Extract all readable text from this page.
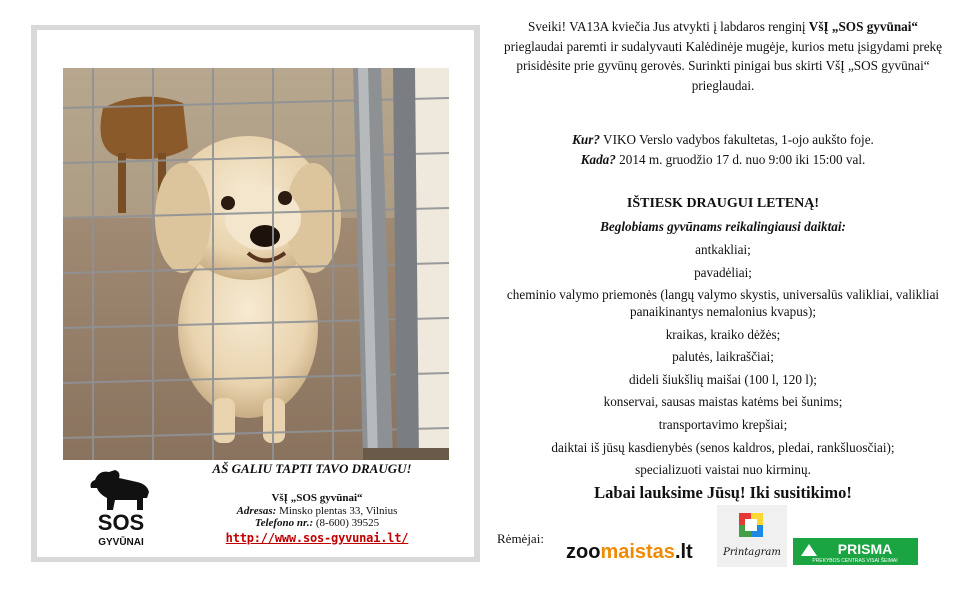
AŠ GALIU TAPTI TAVO DRAUGU!
SOS
GYVŪNAI
VšĮ „SOS gyvūnai“
Adresas: Minsko plentas 33, Vilnius
Telefono nr.: (8-600) 39525
http://www.sos-gyvunai.lt/

Sveiki! VA13A kviečia Jus atvykti į labdaros renginį VšĮ „SOS gyvūnai“ prieglaudai paremti ir sudalyvauti Kalėdinėje mugėje, kurios metu įsigydami prekę prisidėsite prie gyvūnų gerovės. Surinkti pinigai bus skirti VšĮ „SOS gyvūnai“ prieglaudai.

Kur? VIKO Verslo vadybos fakultetas, 1-ojo aukšto foje.
Kada? 2014 m. gruodžio 17 d. nuo 9:00 iki 15:00 val.
IŠTIESK DRAUGUI LETENĄ!
Beglobiams gyvūnams reikalingiausi daiktai:
antkakliai;
pavadėliai;
cheminio valymo priemonės (langų valymo skystis, universalūs valikliai, valikliai panaikinantys nemalonius kvapus);
kraikas, kraiko dėžės;
palutės, laikraščiai;
dideli šiukšlių maišai (100 l, 120 l);
konservai, sausas maistas katėms bei šunims;
transportavimo krepšiai;
daiktai iš jūsų kasdienybės (senos kaldros, pledai, rankšluosčiai);
specializuoti vaistai nuo kirminų.
Labai lauksime Jūsų! Iki susitikimo!
Rėmėjai:
zoomaistas.lt	Printagram	PRISMA
PREKYBOS CENTRAS VISAI ŠEIMAI
